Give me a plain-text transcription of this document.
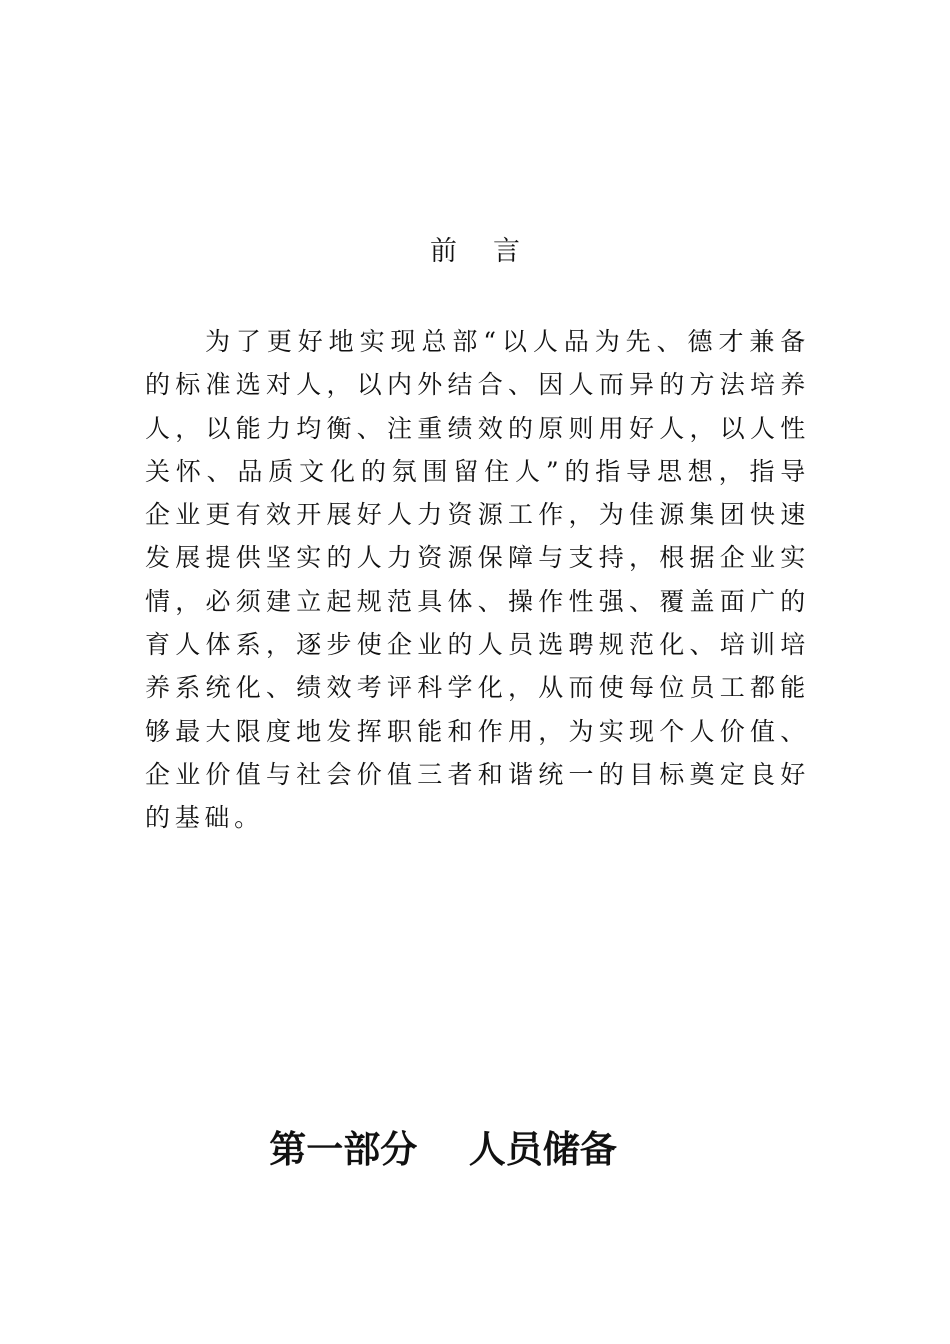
前言

为了更好地实现总部“以人品为先、德才兼备的标准选对人，以内外结合、因人而异的方法培养人，以能力均衡、注重绩效的原则用好人，以人性关怀、品质文化的氛围留住人”的指导思想，指导企业更有效开展好人力资源工作，为佳源集团快速发展提供坚实的人力资源保障与支持，根据企业实情，必须建立起规范具体、操作性强、覆盖面广的育人体系，逐步使企业的人员选聘规范化、培训培养系统化、绩效考评科学化，从而使每位员工都能够最大限度地发挥职能和作用，为实现个人价值、企业价值与社会价值三者和谐统一的目标奠定良好的基础。

第一部分    人员储备
